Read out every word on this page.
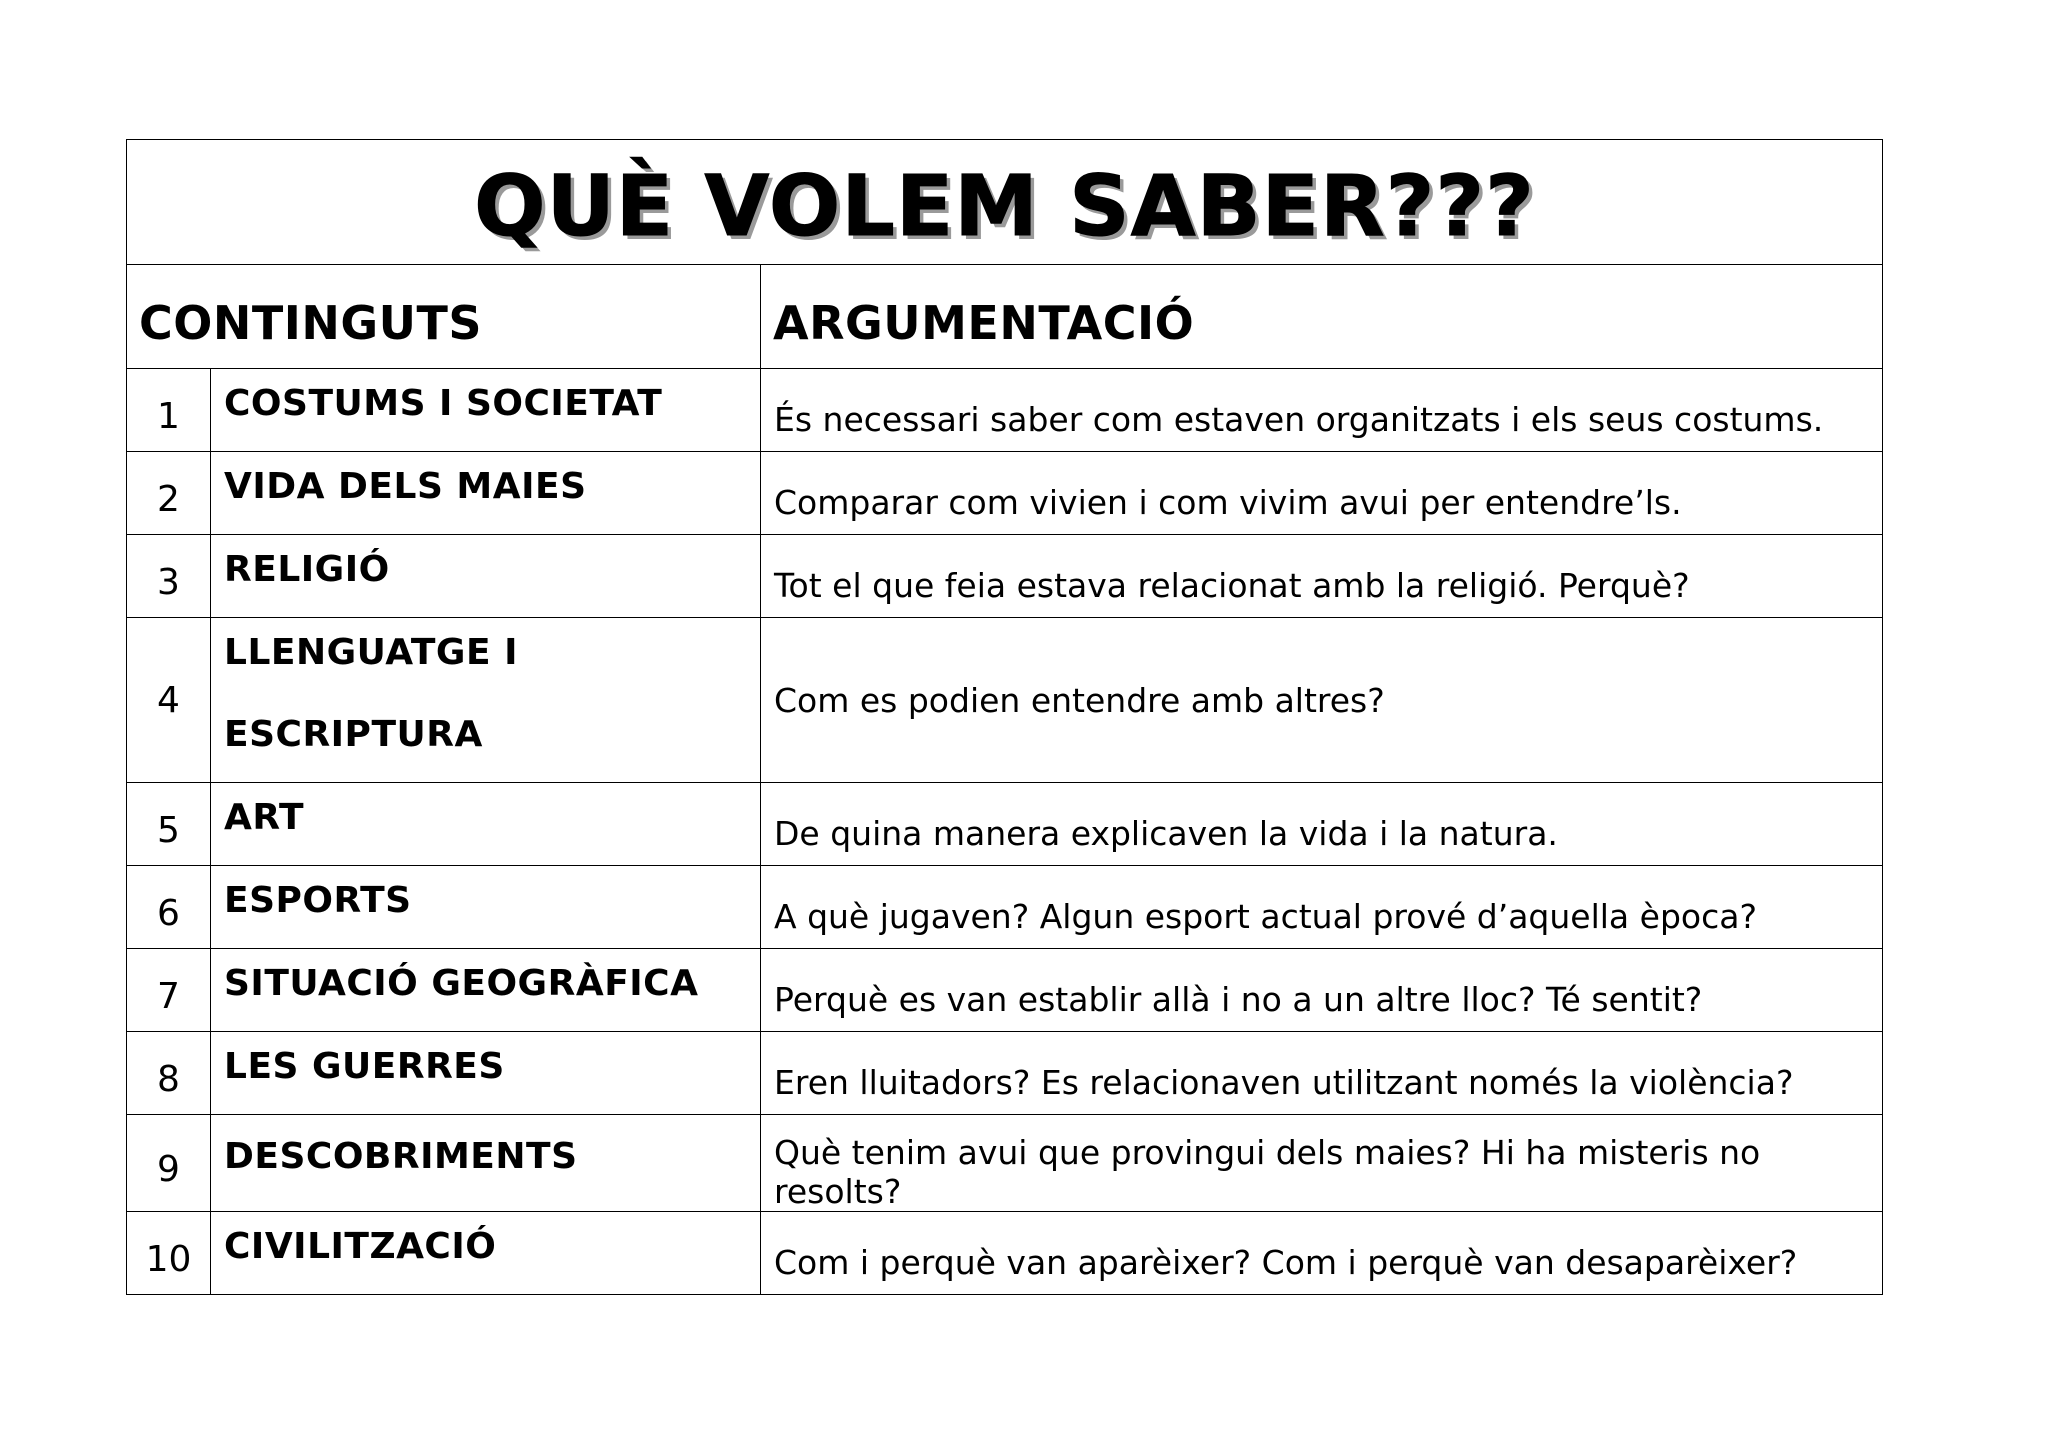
QUÈ VOLEM SABER???		

CONTINGUTS		ARGUMENTACIÓ

1	COSTUMS I SOCIETAT	És necessari saber com estaven organitzats i els seus costums.

2	VIDA DELS MAIES	Comparar com vivien i com vivim avui per entendre’ls.

3	RELIGIÓ	Tot el que feia estava relacionat amb la religió. Perquè?

4	LLENGUATGE I ESCRIPTURA	Com es podien entendre amb altres?

5	ART	De quina manera explicaven la vida i la natura.

6	ESPORTS	A què jugaven? Algun esport actual prové d’aquella època?

7	SITUACIÓ GEOGRÀFICA	Perquè es van establir allà i no a un altre lloc? Té sentit?

8	LES GUERRES	Eren lluitadors? Es relacionaven utilitzant només la violència?

9	DESCOBRIMENTS	Què tenim avui que provingui dels maies? Hi ha misteris no resolts?

10	CIVILITZACIÓ	Com i perquè van aparèixer? Com i perquè van desaparèixer?
